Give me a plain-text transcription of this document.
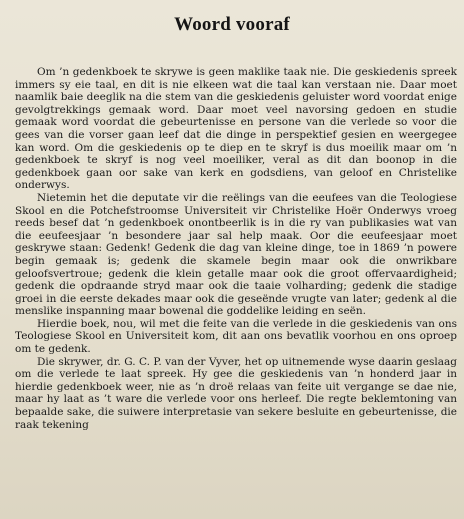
Woord vooraf

Om ’n gedenkboek te skrywe is geen maklike taak nie. Die geskiedenis spreek immers sy eie taal, en dit is nie elkeen wat die taal kan verstaan nie. Daar moet naamlik baie deeglik na die stem van die geskiedenis geluister word voordat enige gevolgtrekkings gemaak word. Daar moet veel navorsing gedoen en studie gemaak word voordat die gebeurtenisse en persone van die verlede so voor die gees van die vorser gaan leef dat die dinge in perspektief gesien en weergegee kan word. Om die geskiedenis op te diep en te skryf is dus moeilik maar om ’n gedenkboek te skryf is nog veel moeiliker, veral as dit dan boonop in die gedenkboek gaan oor sake van kerk en godsdiens, van geloof en Christelike onderwys.

Nietemin het die deputate vir die reëlings van die eeufees van die Teologiese Skool en die Potchefstroomse Universiteit vir Christelike Hoër Onderwys vroeg reeds besef dat ’n gedenkboek onontbeerlik is in die ry van publikasies wat van die eeufeesjaar ’n besondere jaar sal help maak. Oor die eeufeesjaar moet geskrywe staan: Gedenk! Gedenk die dag van kleine dinge, toe in 1869 ’n powere begin gemaak is; gedenk die skamele begin maar ook die onwrikbare geloofsvertroue; gedenk die klein getalle maar ook die groot offervaardigheid; gedenk die opdraande stryd maar ook die taaie volharding; gedenk die stadige groei in die eerste dekades maar ook die geseënde vrugte van later; gedenk al die menslike inspanning maar bowenal die goddelike leiding en seën.

Hierdie boek, nou, wil met die feite van die verlede in die geskiedenis van ons Teologiese Skool en Universiteit kom, dit aan ons bevatlik voorhou en ons oproep om te gedenk.

Die skrywer, dr. G. C. P. van der Vyver, het op uitnemende wyse daarin geslaag om die verlede te laat spreek. Hy gee die geskiedenis van ’n honderd jaar in hierdie gedenkboek weer, nie as ’n droë relaas van feite uit vergange se dae nie, maar hy laat as ’t ware die verlede voor ons herleef. Die regte beklemtoning van bepaalde sake, die suiwere interpretasie van sekere besluite en gebeurtenisse, die raak tekening
